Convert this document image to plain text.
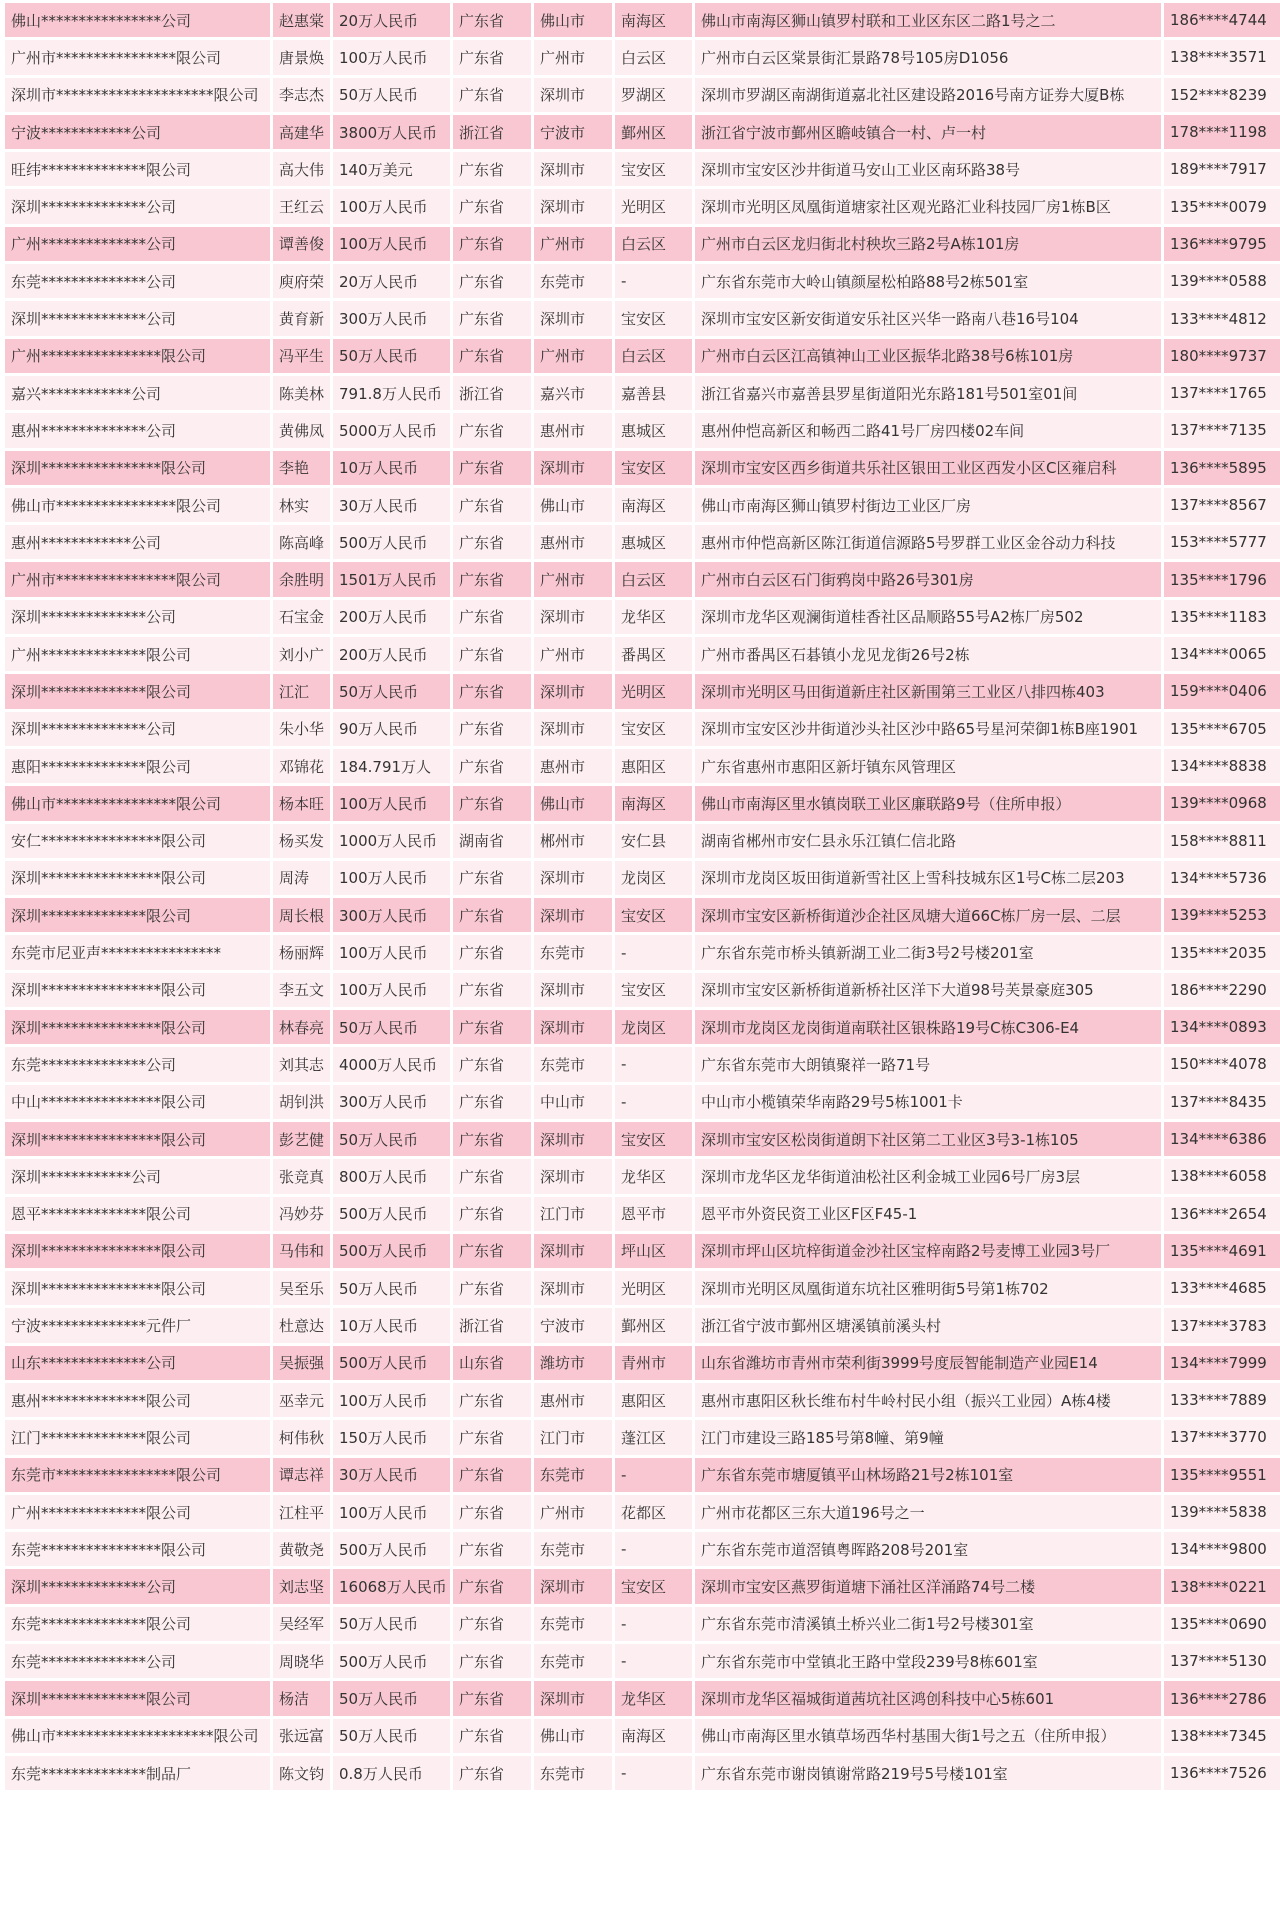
佛山****************公司	赵惠棠	20万人民币	广东省	佛山市	南海区	佛山市南海区狮山镇罗村联和工业区东区二路1号之二	186****4744
广州市****************限公司	唐景焕	100万人民币	广东省	广州市	白云区	广州市白云区棠景街汇景路78号105房D1056	138****3571
深圳市*********************限公司	李志杰	50万人民币	广东省	深圳市	罗湖区	深圳市罗湖区南湖街道嘉北社区建设路2016号南方证券大厦B栋	152****8239
宁波************公司	高建华	3800万人民币	浙江省	宁波市	鄞州区	浙江省宁波市鄞州区瞻岐镇合一村、卢一村	178****1198
旺纬**************限公司	高大伟	140万美元	广东省	深圳市	宝安区	深圳市宝安区沙井街道马安山工业区南环路38号	189****7917
深圳**************公司	王红云	100万人民币	广东省	深圳市	光明区	深圳市光明区凤凰街道塘家社区观光路汇业科技园厂房1栋B区	135****0079
广州**************公司	谭善俊	100万人民币	广东省	广州市	白云区	广州市白云区龙归街北村秧坎三路2号A栋101房	136****9795
东莞**************公司	庾府荣	20万人民币	广东省	东莞市	-	广东省东莞市大岭山镇颜屋松柏路88号2栋501室	139****0588
深圳**************公司	黄育新	300万人民币	广东省	深圳市	宝安区	深圳市宝安区新安街道安乐社区兴华一路南八巷16号104	133****4812
广州****************限公司	冯平生	50万人民币	广东省	广州市	白云区	广州市白云区江高镇神山工业区振华北路38号6栋101房	180****9737
嘉兴************公司	陈美林	791.8万人民币	浙江省	嘉兴市	嘉善县	浙江省嘉兴市嘉善县罗星街道阳光东路181号501室01间	137****1765
惠州**************公司	黄佛凤	5000万人民币	广东省	惠州市	惠城区	惠州仲恺高新区和畅西二路41号厂房四楼02车间	137****7135
深圳****************限公司	李艳	10万人民币	广东省	深圳市	宝安区	深圳市宝安区西乡街道共乐社区银田工业区西发小区C区雍启科	136****5895
佛山市****************限公司	林实	30万人民币	广东省	佛山市	南海区	佛山市南海区狮山镇罗村街边工业区厂房	137****8567
惠州************公司	陈高峰	500万人民币	广东省	惠州市	惠城区	惠州市仲恺高新区陈江街道信源路5号罗群工业区金谷动力科技	153****5777
广州市****************限公司	余胜明	1501万人民币	广东省	广州市	白云区	广州市白云区石门街鸦岗中路26号301房	135****1796
深圳**************公司	石宝金	200万人民币	广东省	深圳市	龙华区	深圳市龙华区观澜街道桂香社区品顺路55号A2栋厂房502	135****1183
广州**************限公司	刘小广	200万人民币	广东省	广州市	番禺区	广州市番禺区石碁镇小龙见龙街26号2栋	134****0065
深圳**************限公司	江汇	50万人民币	广东省	深圳市	光明区	深圳市光明区马田街道新庄社区新围第三工业区八排四栋403	159****0406
深圳**************公司	朱小华	90万人民币	广东省	深圳市	宝安区	深圳市宝安区沙井街道沙头社区沙中路65号星河荣御1栋B座1901	135****6705
惠阳**************限公司	邓锦花	184.791万人	广东省	惠州市	惠阳区	广东省惠州市惠阳区新圩镇东风管理区	134****8838
佛山市****************限公司	杨本旺	100万人民币	广东省	佛山市	南海区	佛山市南海区里水镇岗联工业区廉联路9号（住所申报）	139****0968
安仁****************限公司	杨买发	1000万人民币	湖南省	郴州市	安仁县	湖南省郴州市安仁县永乐江镇仁信北路	158****8811
深圳****************限公司	周涛	100万人民币	广东省	深圳市	龙岗区	深圳市龙岗区坂田街道新雪社区上雪科技城东区1号C栋二层203	134****5736
深圳**************限公司	周长根	300万人民币	广东省	深圳市	宝安区	深圳市宝安区新桥街道沙企社区凤塘大道66C栋厂房一层、二层	139****5253
东莞市尼亚声****************	杨丽辉	100万人民币	广东省	东莞市	-	广东省东莞市桥头镇新湖工业二街3号2号楼201室	135****2035
深圳****************限公司	李五文	100万人民币	广东省	深圳市	宝安区	深圳市宝安区新桥街道新桥社区洋下大道98号芙景豪庭305	186****2290
深圳****************限公司	林春亮	50万人民币	广东省	深圳市	龙岗区	深圳市龙岗区龙岗街道南联社区银株路19号C栋C306-E4	134****0893
东莞**************公司	刘其志	4000万人民币	广东省	东莞市	-	广东省东莞市大朗镇聚祥一路71号	150****4078
中山****************限公司	胡钊洪	300万人民币	广东省	中山市	-	中山市小榄镇荣华南路29号5栋1001卡	137****8435
深圳****************限公司	彭艺健	50万人民币	广东省	深圳市	宝安区	深圳市宝安区松岗街道朗下社区第二工业区3号3-1栋105	134****6386
深圳************公司	张竞真	800万人民币	广东省	深圳市	龙华区	深圳市龙华区龙华街道油松社区利金城工业园6号厂房3层	138****6058
恩平**************限公司	冯妙芬	500万人民币	广东省	江门市	恩平市	恩平市外资民资工业区F区F45-1	136****2654
深圳****************限公司	马伟和	500万人民币	广东省	深圳市	坪山区	深圳市坪山区坑梓街道金沙社区宝梓南路2号麦博工业园3号厂	135****4691
深圳****************限公司	吴至乐	50万人民币	广东省	深圳市	光明区	深圳市光明区凤凰街道东坑社区雅明街5号第1栋702	133****4685
宁波**************元件厂	杜意达	10万人民币	浙江省	宁波市	鄞州区	浙江省宁波市鄞州区塘溪镇前溪头村	137****3783
山东**************公司	吴振强	500万人民币	山东省	潍坊市	青州市	山东省潍坊市青州市荣利街3999号度辰智能制造产业园E14	134****7999
惠州**************限公司	巫幸元	100万人民币	广东省	惠州市	惠阳区	惠州市惠阳区秋长维布村牛岭村民小组（振兴工业园）A栋4楼	133****7889
江门**************限公司	柯伟秋	150万人民币	广东省	江门市	蓬江区	江门市建设三路185号第8幢、第9幢	137****3770
东莞市****************限公司	谭志祥	30万人民币	广东省	东莞市	-	广东省东莞市塘厦镇平山林场路21号2栋101室	135****9551
广州**************限公司	江柱平	100万人民币	广东省	广州市	花都区	广州市花都区三东大道196号之一	139****5838
东莞****************限公司	黄敬尧	500万人民币	广东省	东莞市	-	广东省东莞市道滘镇粤晖路208号201室	134****9800
深圳**************公司	刘志坚	16068万人民币	广东省	深圳市	宝安区	深圳市宝安区燕罗街道塘下涌社区洋涌路74号二楼	138****0221
东莞**************限公司	吴经军	50万人民币	广东省	东莞市	-	广东省东莞市清溪镇土桥兴业二街1号2号楼301室	135****0690
东莞**************公司	周晓华	500万人民币	广东省	东莞市	-	广东省东莞市中堂镇北王路中堂段239号8栋601室	137****5130
深圳**************限公司	杨洁	50万人民币	广东省	深圳市	龙华区	深圳市龙华区福城街道茜坑社区鸿创科技中心5栋601	136****2786
佛山市*********************限公司	张远富	50万人民币	广东省	佛山市	南海区	佛山市南海区里水镇草场西华村基围大街1号之五（住所申报）	138****7345
东莞**************制品厂	陈文钧	0.8万人民币	广东省	东莞市	-	广东省东莞市谢岗镇谢常路219号5号楼101室	136****7526
